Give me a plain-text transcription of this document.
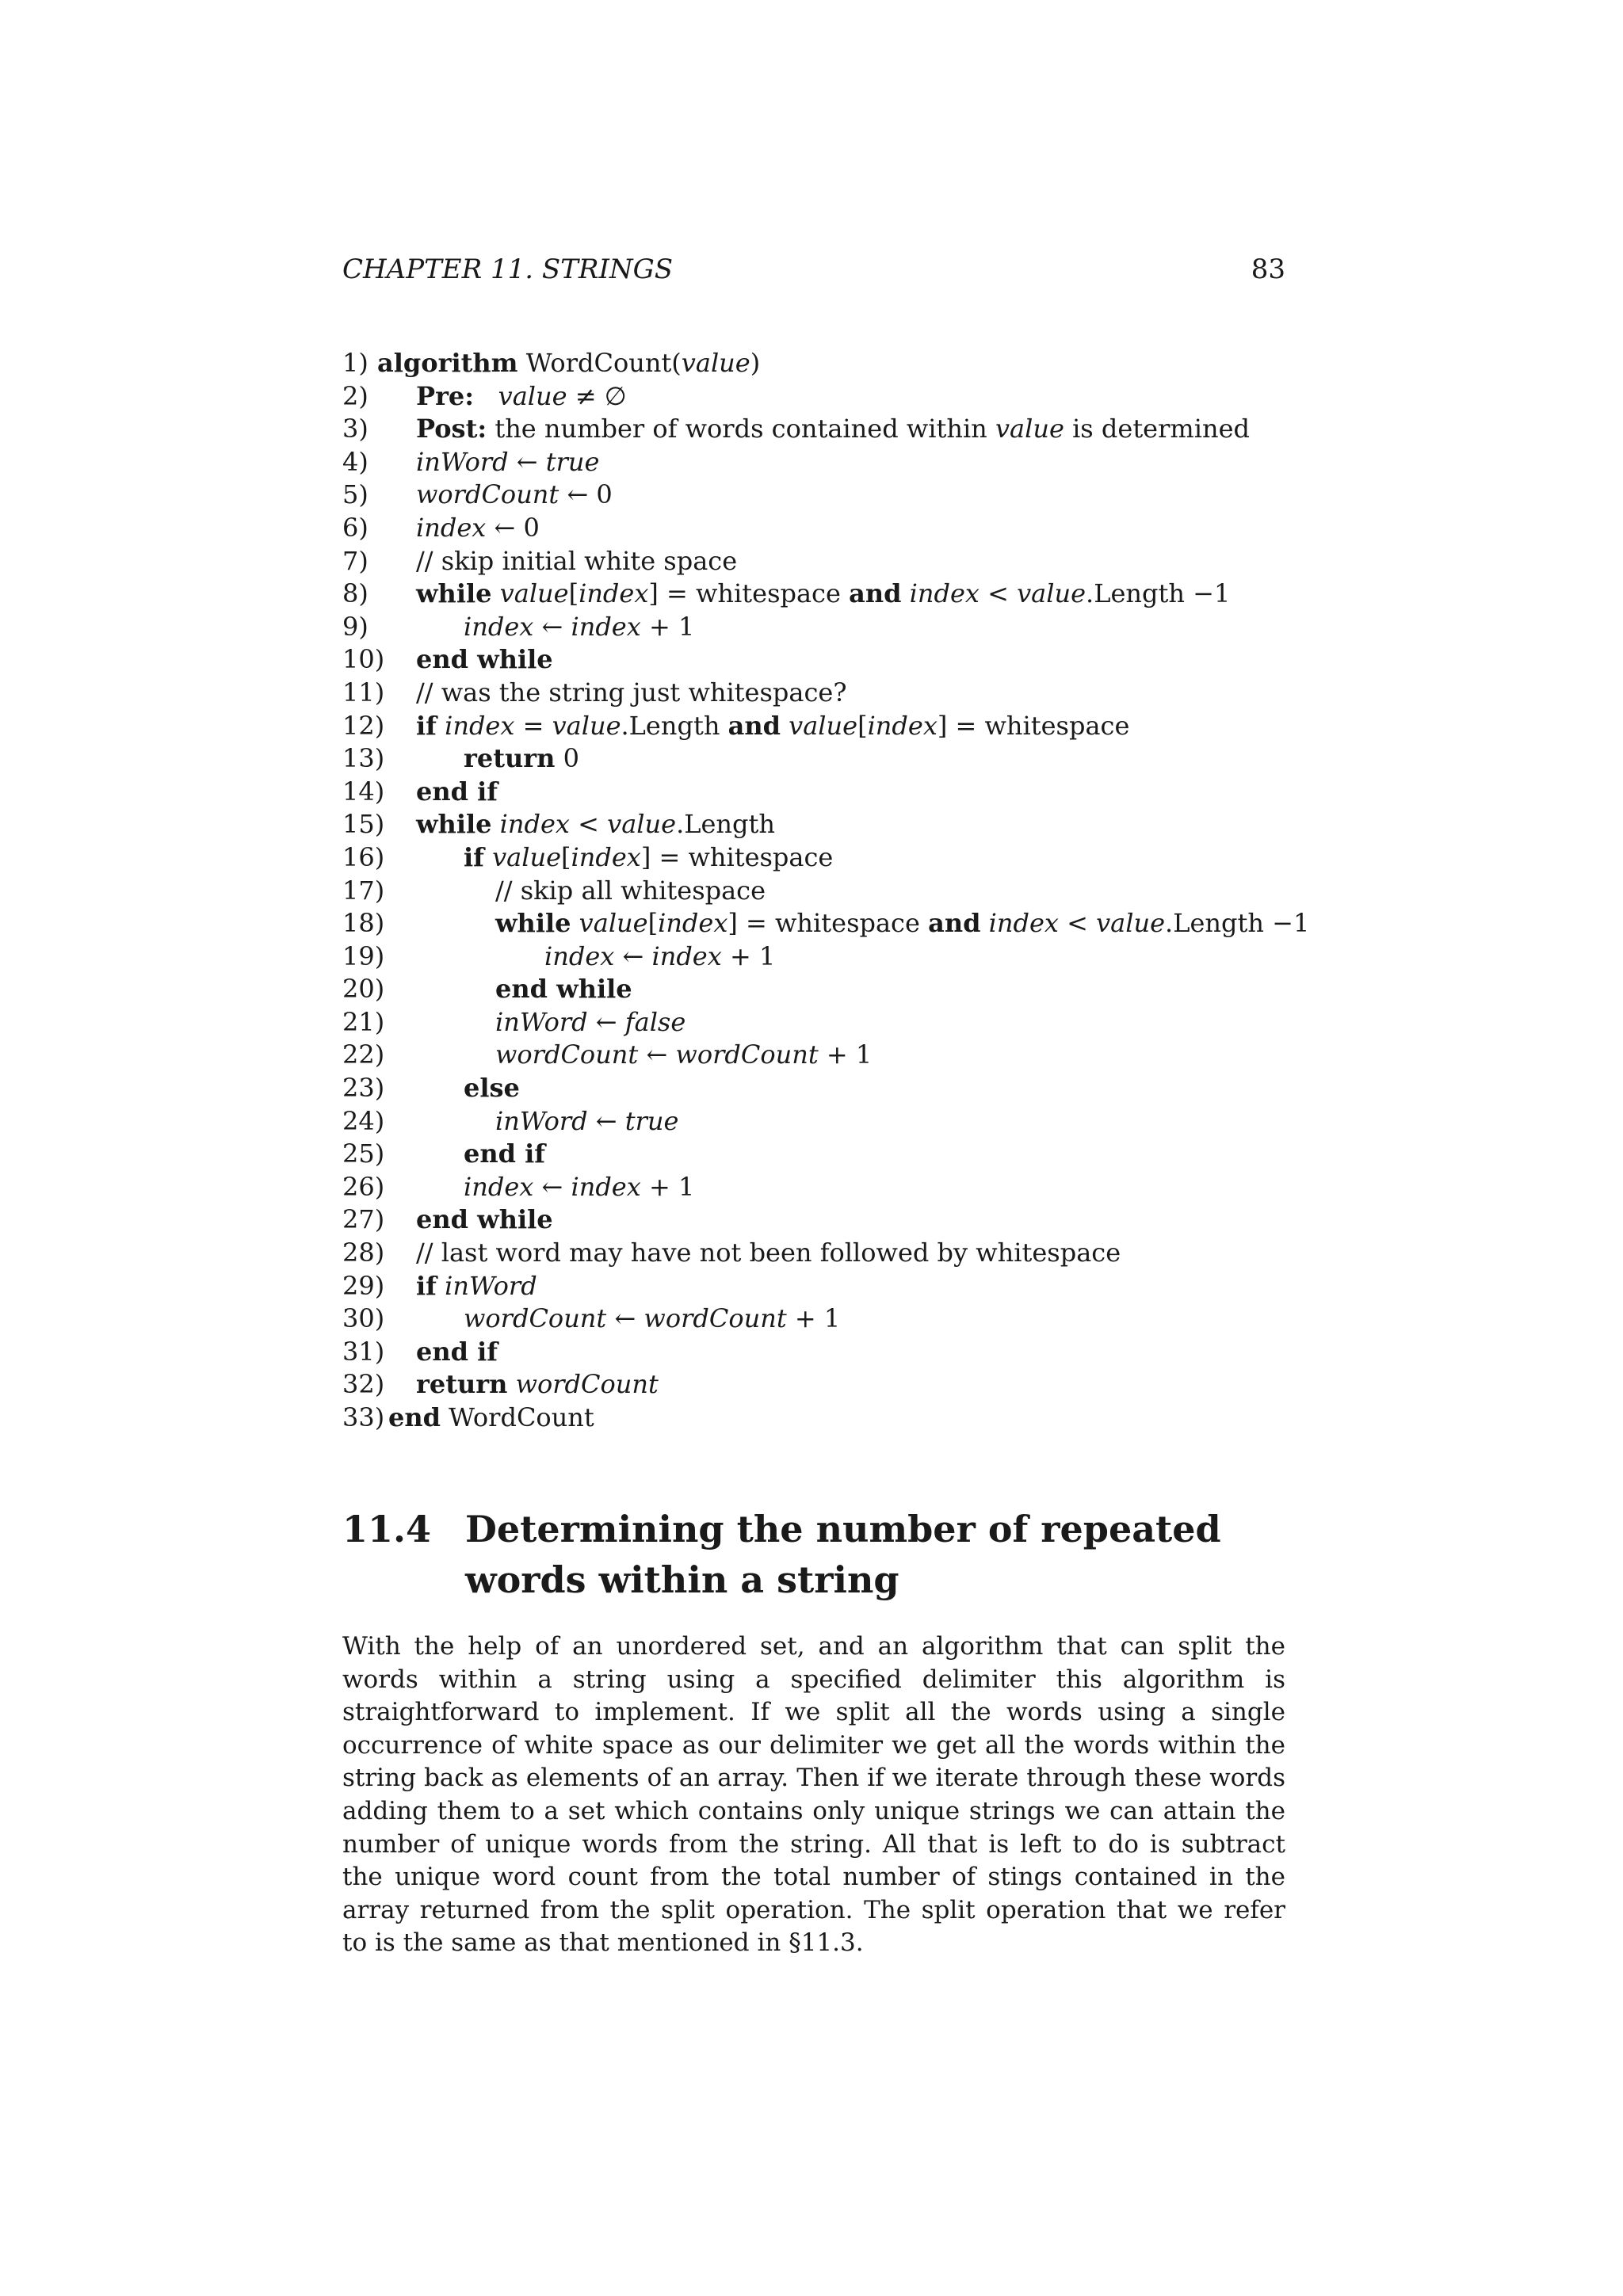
CHAPTER 11. STRINGS	83
1) algorithm WordCount(value)
2) Pre: value ≠ ∅
3) Post: the number of words contained within value is determined
4) inWord ← true
5) wordCount ← 0
6) index ← 0
7) // skip initial white space
8) while value[index] = whitespace and index < value.Length −1
9)	index ← index + 1
10) end while
11) // was the string just whitespace?
12) if index = value.Length and value[index] = whitespace
13)	return 0
14) end if
15) while index < value.Length
16)	if value[index] = whitespace
17)	// skip all whitespace
18)	while value[index] = whitespace and index < value.Length −1
19)	index ← index + 1
20)	end while
21)	inWord ← false
22)	wordCount ← wordCount + 1
23)	else
24)	inWord ← true
25)	end if
26)	index ← index + 1
27) end while
28) // last word may have not been followed by whitespace
29) if inWord
30)	wordCount ← wordCount + 1
31) end if
32) return wordCount
33) end WordCount
11.4 Determining the number of repeated words within a string

With the help of an unordered set, and an algorithm that can split the words within a string using a specified delimiter this algorithm is straightforward to implement. If we split all the words using a single occurrence of white space as our delimiter we get all the words within the string back as elements of an array. Then if we iterate through these words adding them to a set which contains only unique strings we can attain the number of unique words from the string. All that is left to do is subtract the unique word count from the total number of stings contained in the array returned from the split operation. The split operation that we refer to is the same as that mentioned in §11.3.
